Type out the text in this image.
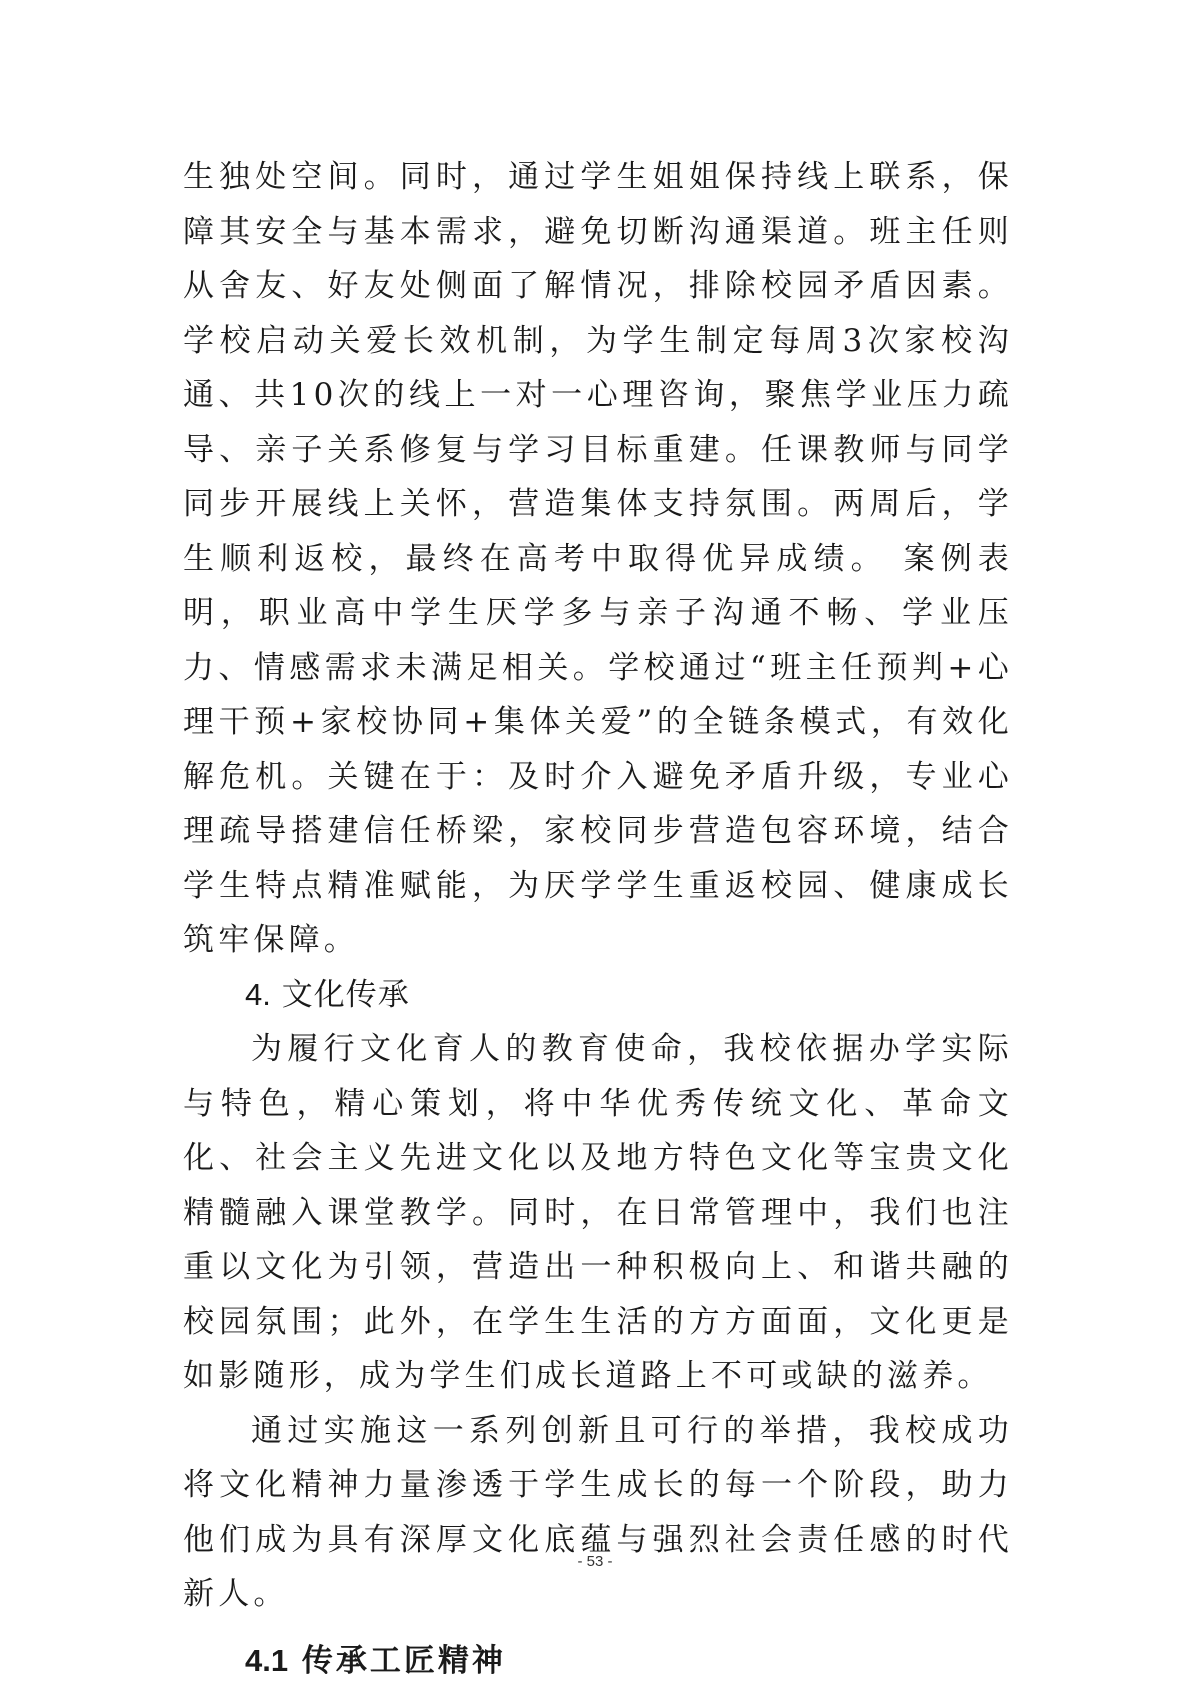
生独处空间。同时，通过学生姐姐保持线上联系，保障其安全与基本需求，避免切断沟通渠道。班主任则从舍友、好友处侧面了解情况，排除校园矛盾因素。学校启动关爱长效机制，为学生制定每周3次家校沟通、共10次的线上一对一心理咨询，聚焦学业压力疏导、亲子关系修复与学习目标重建。任课教师与同学同步开展线上关怀，营造集体支持氛围。两周后，学生顺利返校，最终在高考中取得优异成绩。 案例表明，职业高中学生厌学多与亲子沟通不畅、学业压力、情感需求未满足相关。学校通过“班主任预判+心理干预+家校协同+集体关爱”的全链条模式，有效化解危机。关键在于：及时介入避免矛盾升级，专业心理疏导搭建信任桥梁，家校同步营造包容环境，结合学生特点精准赋能，为厌学学生重返校园、健康成长筑牢保障。

4. 文化传承

为履行文化育人的教育使命，我校依据办学实际与特色，精心策划，将中华优秀传统文化、革命文化、社会主义先进文化以及地方特色文化等宝贵文化精髓融入课堂教学。同时，在日常管理中，我们也注重以文化为引领，营造出一种积极向上、和谐共融的校园氛围；此外，在学生生活的方方面面，文化更是如影随形，成为学生们成长道路上不可或缺的滋养。

通过实施这一系列创新且可行的举措，我校成功将文化精神力量渗透于学生成长的每一个阶段，助力他们成为具有深厚文化底蕴与强烈社会责任感的时代新人。

4.1 传承工匠精神

- 53 -
